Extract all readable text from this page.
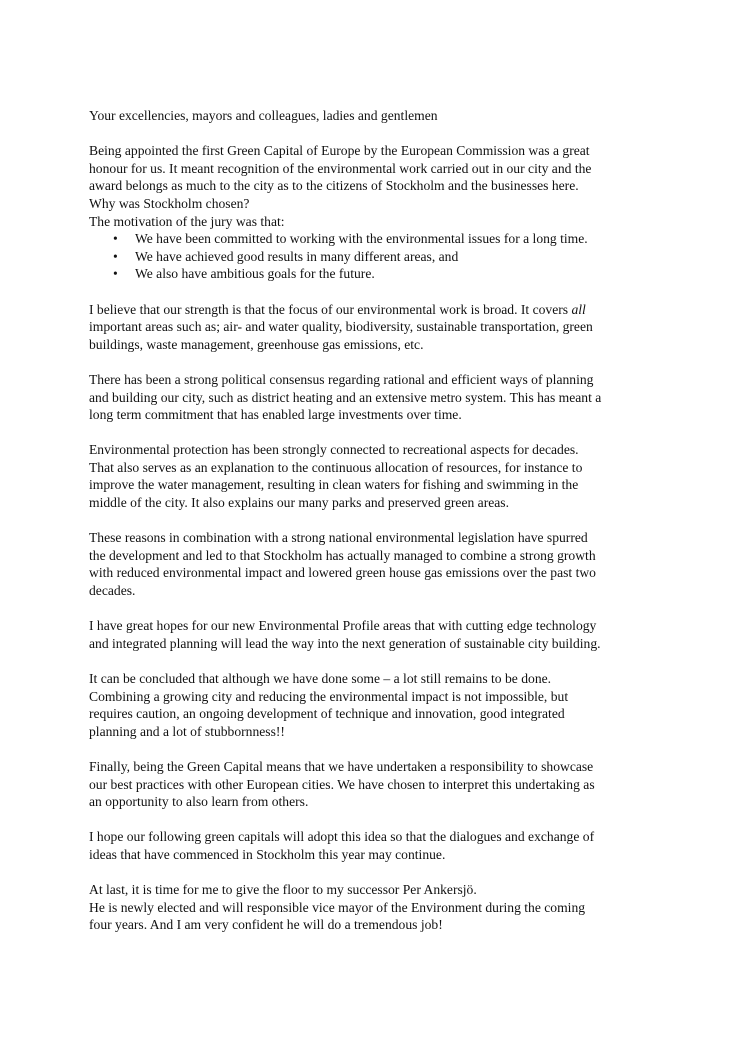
Your excellencies, mayors and colleagues, ladies and gentlemen

Being appointed the first Green Capital of Europe by the European Commission was a great

honour for us. It meant recognition of the environmental work carried out in our city and the

award belongs as much to the city as to the citizens of Stockholm and the businesses here.

Why was Stockholm chosen?

The motivation of the jury was that:

• We have been committed to working with the environmental issues for a long time.
• We have achieved good results in many different areas, and
• We also have ambitious goals for the future.

I believe that our strength is that the focus of our environmental work is broad. It covers all

important areas such as; air- and water quality, biodiversity, sustainable transportation, green

buildings, waste management, greenhouse gas emissions, etc.

There has been a strong political consensus regarding rational and efficient ways of planning

and building our city, such as district heating and an extensive metro system. This has meant a

long term commitment that has enabled large investments over time.

Environmental protection has been strongly connected to recreational aspects for decades.

That also serves as an explanation to the continuous allocation of resources, for instance to

improve the water management, resulting in clean waters for fishing and swimming in the

middle of the city. It also explains our many parks and preserved green areas.

These reasons in combination with a strong national environmental legislation have spurred

the development and led to that Stockholm has actually managed to combine a strong growth

with reduced environmental impact and lowered green house gas emissions over the past two

decades.

I have great hopes for our new Environmental Profile areas that with cutting edge technology

and integrated planning will lead the way into the next generation of sustainable city building.

It can be concluded that although we have done some – a lot still remains to be done.

Combining a growing city and reducing the environmental impact is not impossible, but

requires caution, an ongoing development of technique and innovation, good integrated

planning and a lot of stubbornness!!

Finally, being the Green Capital means that we have undertaken a responsibility to showcase

our best practices with other European cities. We have chosen to interpret this undertaking as

an opportunity to also learn from others.

I hope our following green capitals will adopt this idea so that the dialogues and exchange of

ideas that have commenced in Stockholm this year may continue.

At last, it is time for me to give the floor to my successor Per Ankersjö.

He is newly elected and will responsible vice mayor of the Environment during the coming

four years. And I am very confident he will do a tremendous job!
